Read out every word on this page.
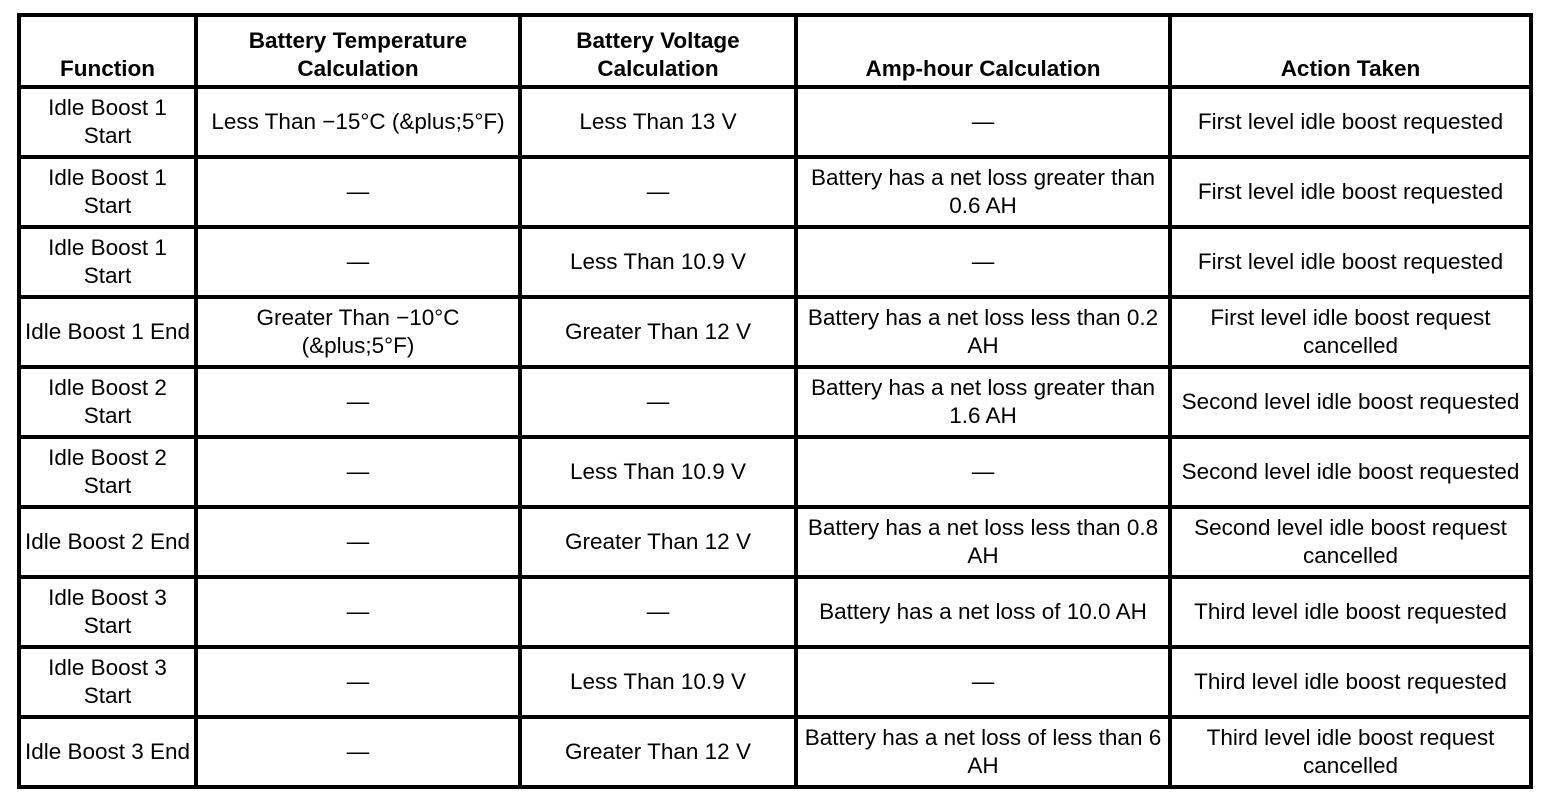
Function	Battery Temperature Calculation	Battery Voltage Calculation	Amp-hour Calculation	Action Taken
Idle Boost 1 Start	Less Than −15°C (&plus;5°F)	Less Than 13 V	—	First level idle boost requested
Idle Boost 1 Start	—	—	Battery has a net loss greater than 0.6 AH	First level idle boost requested
Idle Boost 1 Start	—	Less Than 10.9 V	—	First level idle boost requested
Idle Boost 1 End	Greater Than −10°C (&plus;5°F)	Greater Than 12 V	Battery has a net loss less than 0.2 AH	First level idle boost request cancelled
Idle Boost 2 Start	—	—	Battery has a net loss greater than 1.6 AH	Second level idle boost requested
Idle Boost 2 Start	—	Less Than 10.9 V	—	Second level idle boost requested
Idle Boost 2 End	—	Greater Than 12 V	Battery has a net loss less than 0.8 AH	Second level idle boost request cancelled
Idle Boost 3 Start	—	—	Battery has a net loss of 10.0 AH	Third level idle boost requested
Idle Boost 3 Start	—	Less Than 10.9 V	—	Third level idle boost requested
Idle Boost 3 End	—	Greater Than 12 V	Battery has a net loss of less than 6 AH	Third level idle boost request cancelled
